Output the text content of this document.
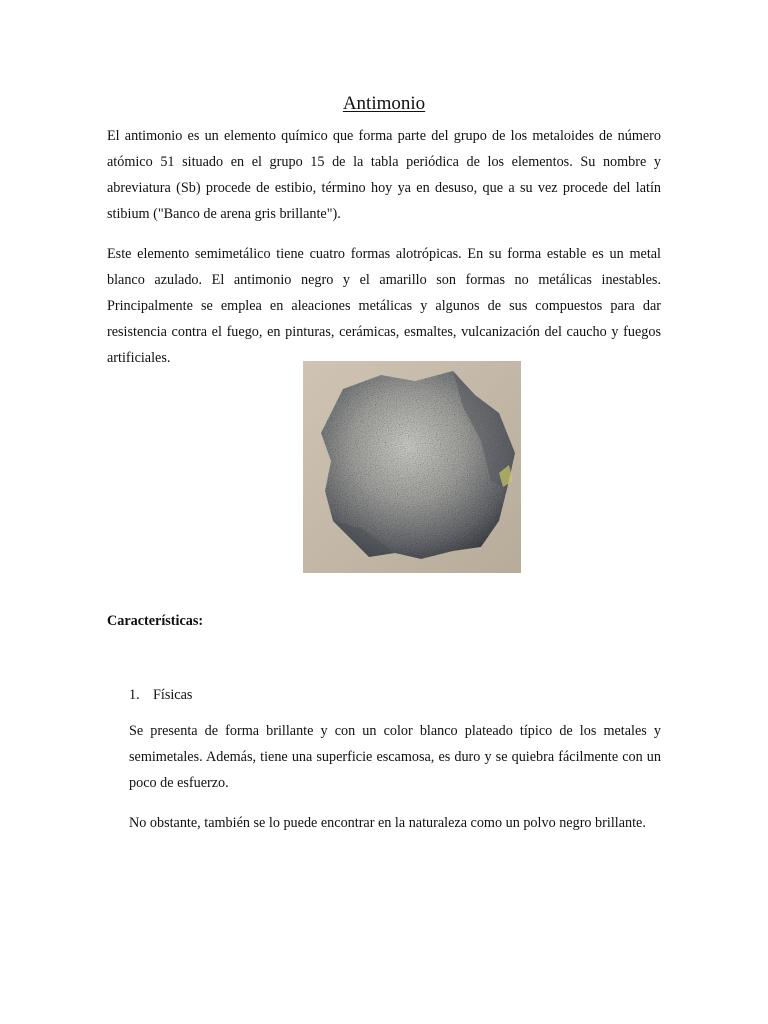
Antimonio

El antimonio es un elemento químico que forma parte del grupo de los metaloides de número atómico 51 situado en el grupo 15 de la tabla periódica de los elementos. Su nombre y abreviatura (Sb) procede de estibio, término hoy ya en desuso, que a su vez procede del latín stibium ("Banco de arena gris brillante").

Este elemento semimetálico tiene cuatro formas alotrópicas. En su forma estable es un metal blanco azulado. El antimonio negro y el amarillo son formas no metálicas inestables. Principalmente se emplea en aleaciones metálicas y algunos de sus compuestos para dar resistencia contra el fuego, en pinturas, cerámicas, esmaltes, vulcanización del caucho y fuegos artificiales.

Características:

1. Físicas

Se presenta de forma brillante y con un color blanco plateado típico de los metales y semimetales. Además, tiene una superficie escamosa, es duro y se quiebra fácilmente con un poco de esfuerzo.

No obstante, también se lo puede encontrar en la naturaleza como un polvo negro brillante.
